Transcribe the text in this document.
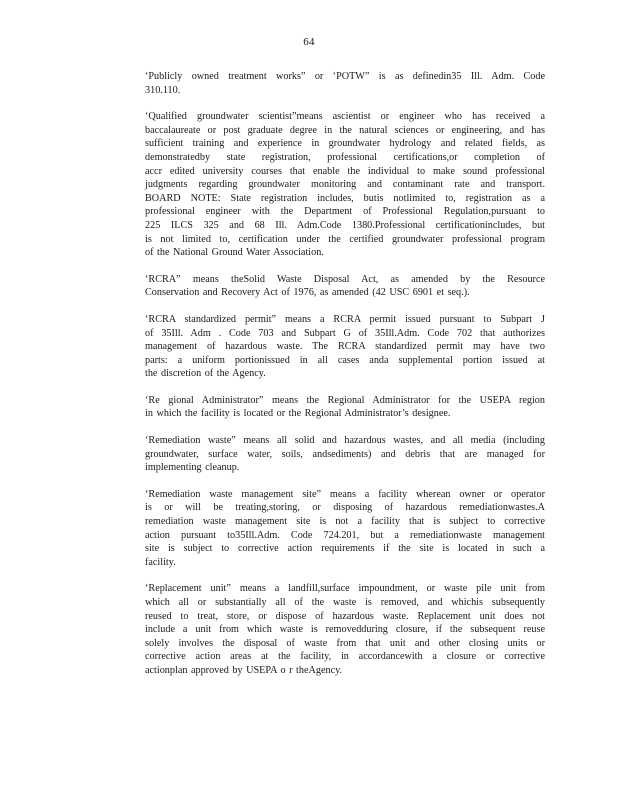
64
‘Publicly owned treatment works” or ‘POTW” is as definedin35 Ill. Adm. Code
310.110.
‘Qualified groundwater scientist”means ascientist or engineer who has received a
baccalaureate or post graduate degree in the natural sciences or engineering, and has
sufficient training and experience in groundwater hydrology and related fields, as
demonstratedby state registration, professional certifications,or completion of
accr edited university courses that enable the individual to make sound professional
judgments regarding groundwater monitoring and contaminant rate and transport.
BOARD NOTE: State registration includes, butis notlimited to, registration as a
professional engineer with the Department of Professional Regulation,pursuant to
225 ILCS 325 and 68 Ill. Adm.Code 1380.Professional certificationincludes, but
is not limited to, certification under the certified groundwater professional program
of the National Ground Water Association.
‘RCRA” means theSolid Waste Disposal Act, as amended by the Resource
Conservation and Recovery Act of 1976, as amended (42 USC 6901 et seq.).
‘RCRA standardized permit” means a RCRA permit issued pursuant to Subpart J
of 35Ill. Adm . Code 703 and Subpart G of 35Ill.Adm. Code 702 that authorizes
management of hazardous waste. The RCRA standardized permit may have two
parts: a uniform portionissued in all cases anda supplemental portion issued at
the discretion of the Agency.
‘Re gional Administrator” means the Regional Administrator for the USEPA region
in which the facility is located or the Regional Administrator’s designee.
‘Remediation waste” means all solid and hazardous wastes, and all media (including
groundwater, surface water, soils, andsediments) and debris that are managed for
implementing cleanup.
‘Remediation waste management site” means a facility wherean owner or operator
is or will be treating,storing, or disposing of hazardous remediationwastes.A
remediation waste management site is not a facility that is subject to corrective
action pursuant to35Ill.Adm. Code 724.201, but a remediationwaste management
site is subject to corrective action requirements if the site is located in such a
facility.
‘Replacement unit” means a landfill,surface impoundment, or waste pile unit from
which all or substantially all of the waste is removed, and whichis subsequently
reused to treat, store, or dispose of hazardous waste. Replacement unit does not
include a unit from which waste is removedduring closure, if the subsequent reuse
solely involves the disposal of waste from that unit and other closing units or
corrective action areas at the facility, in accordancewith a closure or corrective
actionplan approved by USEPA o r theAgency.
